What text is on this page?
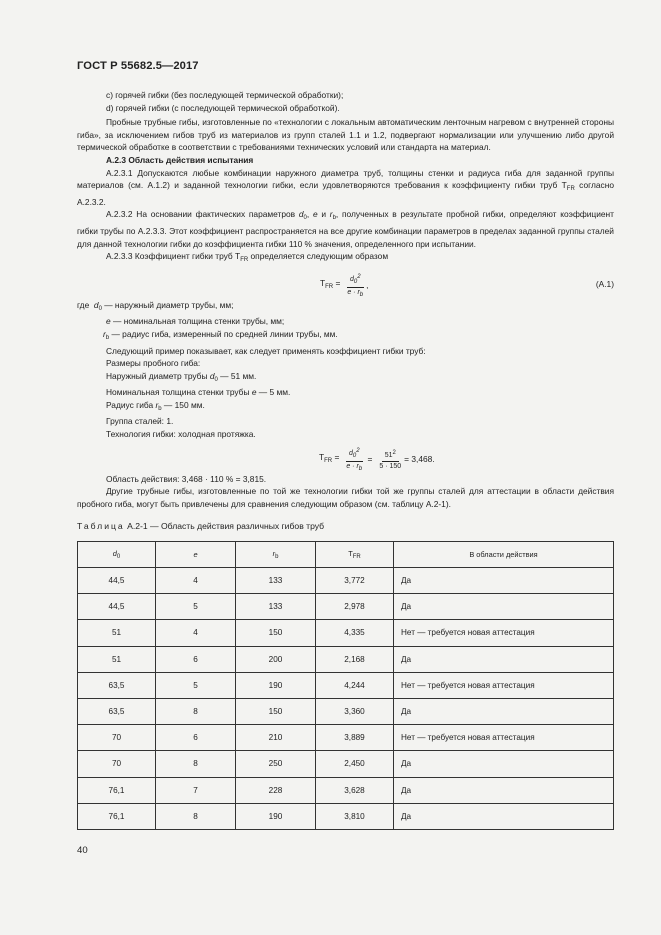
ГОСТ Р 55682.5—2017

c) горячей гибки (без последующей термической обработки);

d) горячей гибки (с последующей термической обработкой).

Пробные трубные гибы, изготовленные по «технологии с локальным автоматическим ленточным нагревом с внутренней стороны гиба», за исключением гибов труб из материалов из групп сталей 1.1 и 1.2, подвергают нормализации или улучшению либо другой термической обработке в соответствии с требованиями технических условий или стандарта на материал.

А.2.3 Область действия испытания

А.2.3.1 Допускаются любые комбинации наружного диаметра труб, толщины стенки и радиуса гиба для заданной группы материалов (см. А.1.2) и заданной технологии гибки, если удовлетворяются требования к коэффициенту гибки труб $T_{FR}$ согласно А.2.3.2.

А.2.3.2 На основании фактических параметров $d_0$, e и $r_b$, полученных в результате пробной гибки, определяют коэффициент гибки трубы по А.2.3.3. Этот коэффициент распространяется на все другие комбинации параметров в пределах заданной группы сталей для данной технологии гибки до коэффициента гибки 110 % значения, определенного при испытании.

А.2.3.3 Коэффициент гибки труб $T_{FR}$ определяется следующим образом

$T_{FR} = \frac{d_0^2}{e \cdot r_b}$ ,	(А.1)

где $d_0$ — наружный диаметр трубы, мм;

e — номинальная толщина стенки трубы, мм;

$r_b$ — радиус гиба, измеренный по средней линии трубы, мм.

Следующий пример показывает, как следует применять коэффициент гибки труб:

Размеры пробного гиба:

Наружный диаметр трубы $d_0$ — 51 мм.

Номинальная толщина стенки трубы e — 5 мм.

Радиус гиба $r_b$ — 150 мм.

Группа сталей: 1.

Технология гибки: холодная протяжка.

$T_{FR} = \frac{d_0^2}{e \cdot r_b} = \frac{51^2}{5 \cdot 150} = 3,468$.

Область действия: 3,468 · 110 % = 3,815.

Другие трубные гибы, изготовленные по той же технологии гибки той же группы сталей для аттестации в области действия пробного гиба, могут быть привлечены для сравнения следующим образом (см. таблицу А.2-1).

Таблица А.2-1 — Область действия различных гибов труб
$d_0$	e	$r_b$	$T_{FR}$	В области действия
44,5	4	133	3,772	Да
44,5	5	133	2,978	Да
51	4	150	4,335	Нет — требуется новая аттестация
51	6	200	2,168	Да
63,5	5	190	4,244	Нет — требуется новая аттестация
63,5	8	150	3,360	Да
70	6	210	3,889	Нет — требуется новая аттестация
70	8	250	2,450	Да
76,1	7	228	3,628	Да
76,1	8	190	3,810	Да
40
